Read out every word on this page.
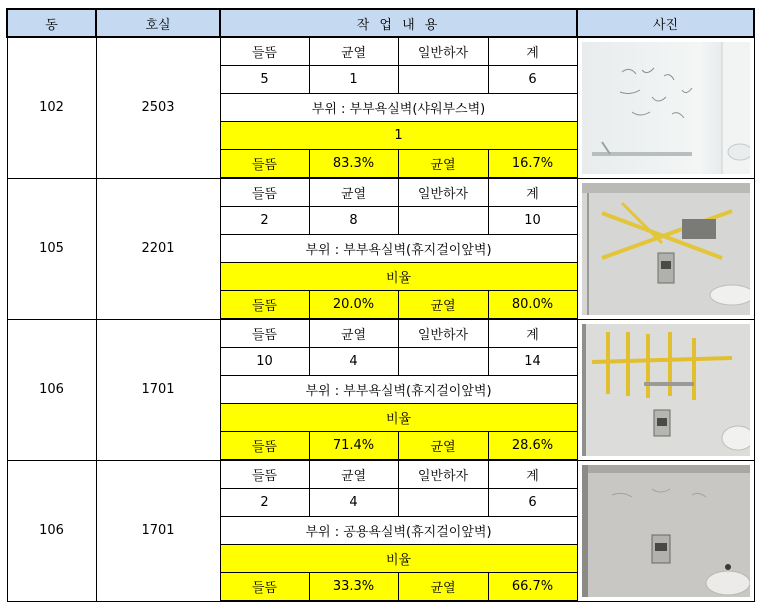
동	호실	작 업 내 용				사진
102	2503	들뜸	균열	일반하자	계	

		5	1		6	
		부위 : 부부욕실벽(샤워부스벽)				
		1				
		들뜸	83.3%	균열	16.7%	
105	2201	들뜸	균열	일반하자	계	

		2	8		10	
		부위 : 부부욕실벽(휴지걸이앞벽)				
		비율				
		들뜸	20.0%	균열	80.0%	
106	1701	들뜸	균열	일반하자	계	

		10	4		14	
		부위 : 부부욕실벽(휴지걸이앞벽)				
		비율				
		들뜸	71.4%	균열	28.6%	
106	1701	들뜸	균열	일반하자	계	

		2	4		6	
		부위 : 공용욕실벽(휴지걸이앞벽)				
		비율				
		들뜸	33.3%	균열	66.7%	
